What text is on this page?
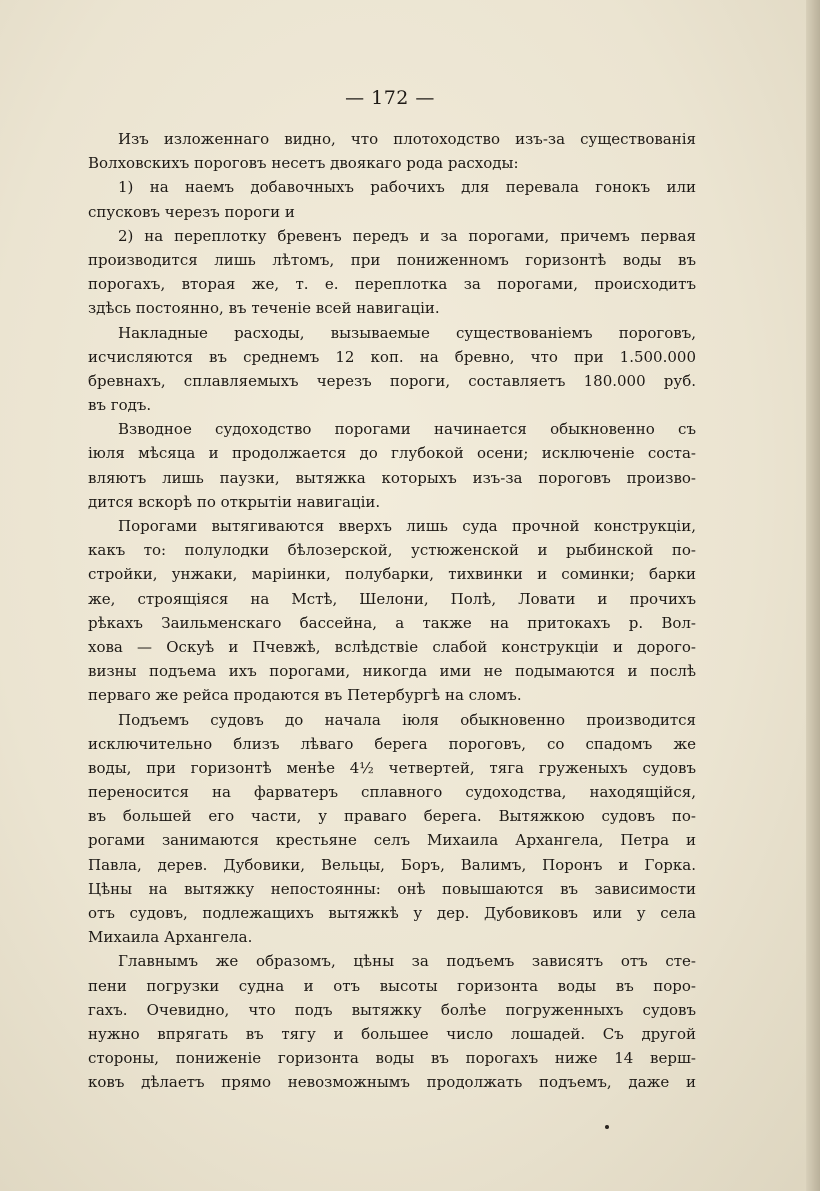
— 172 —
Изъ изложеннаго видно, что плотоходство изъ-за существованія
Волховскихъ пороговъ несетъ двоякаго рода расходы:
1) на наемъ добавочныхъ рабочихъ для перевала гонокъ или
спусковъ черезъ пороги и
2) на переплотку бревенъ передъ и за порогами, причемъ первая
производится лишь лѣтомъ, при пониженномъ горизонтѣ воды въ
порогахъ, вторая же, т. е. переплотка за порогами, происходитъ
здѣсь постоянно, въ теченіе всей навигаціи.
Накладные расходы, вызываемые существованіемъ пороговъ,
исчисляются въ среднемъ 12 коп. на бревно, что при 1.500.000
бревнахъ, сплавляемыхъ черезъ пороги, составляетъ 180.000 руб.
въ годъ.
Взводное судоходство порогами начинается обыкновенно съ
іюля мѣсяца и продолжается до глубокой осени; исключеніе соста-
вляютъ лишь паузки, вытяжка которыхъ изъ-за пороговъ произво-
дится вскорѣ по открытіи навигаціи.
Порогами вытягиваются вверхъ лишь суда прочной конструкціи,
какъ то: полулодки бѣлозерской, устюженской и рыбинской по-
стройки, унжаки, маріинки, полубарки, тихвинки и соминки; барки
же, строящіяся на Мстѣ, Шелони, Полѣ, Ловати и прочихъ
рѣкахъ Заильменскаго бассейна, а также на притокахъ р. Вол-
хова — Оскуѣ и Пчевжѣ, вслѣдствіе слабой конструкціи и дорого-
визны подъема ихъ порогами, никогда ими не подымаются и послѣ
перваго же рейса продаются въ Петербургѣ на сломъ.
Подъемъ судовъ до начала іюля обыкновенно производится
исключительно близъ лѣваго берега пороговъ, со спадомъ же
воды, при горизонтѣ менѣе 4½ четвертей, тяга груженыхъ судовъ
переносится на фарватеръ сплавного судоходства, находящійся,
въ большей его части, у праваго берега. Вытяжкою судовъ по-
рогами занимаются крестьяне селъ Михаила Архангела, Петра и
Павла, дерев. Дубовики, Вельцы, Боръ, Валимъ, Поронъ и Горка.
Цѣны на вытяжку непостоянны: онѣ повышаются въ зависимости
отъ судовъ, подлежащихъ вытяжкѣ у дер. Дубовиковъ или у села
Михаила Архангела.
Главнымъ же образомъ, цѣны за подъемъ зависятъ отъ сте-
пени погрузки судна и отъ высоты горизонта воды въ поро-
гахъ. Очевидно, что подъ вытяжку болѣе погруженныхъ судовъ
нужно впрягать въ тягу и большее число лошадей. Съ другой
стороны, пониженіе горизонта воды въ порогахъ ниже 14 верш-
ковъ дѣлаетъ прямо невозможнымъ продолжать подъемъ, даже и
